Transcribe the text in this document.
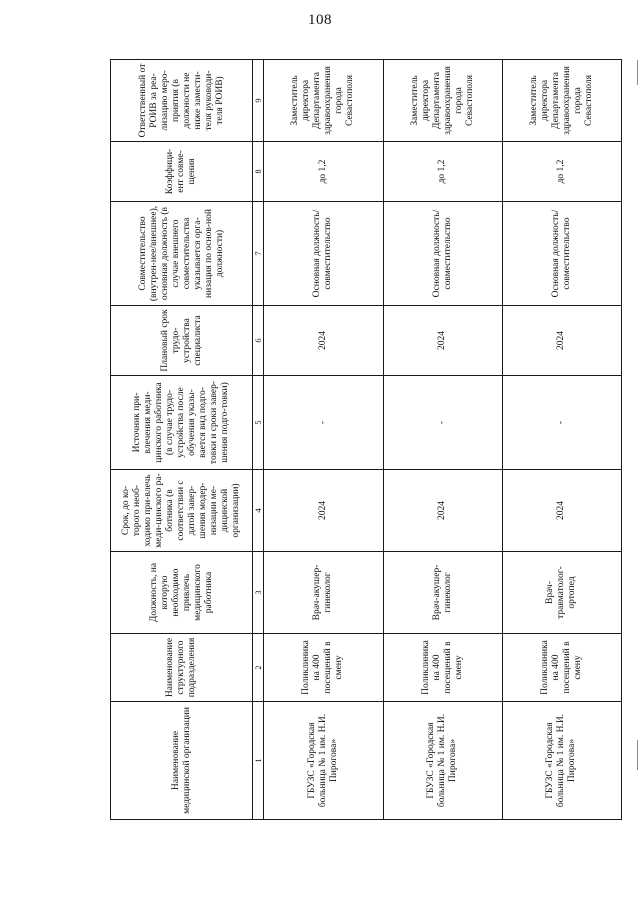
108
Наименование медицинской организации	Наименование структурного подразделения	Должность, на которую необходимо привлечь медицинского работника	Срок, до ко-торого необ-ходимо при-влечь меди-цинского ра-ботника (в соответствии с датой завер-шения модер-низации ме-дицинской организации)	Источник при-влечения меди-цинского работника (в случае трудо-устройства после обучения указы-вается вид подго-товки и сроки завер-шения подго-товки)	Плановый срок трудо-устройства специалиста	Совместительство (внутрен-нее/внешнее), основная должность (в случае внешнего совместительства указывается орга-низация по основ-ной должности)	Коэффици-ент совме-щения	Ответственный от РОИВ за реа-лизацию меро-приятия (в должности не ниже замести-теля руководи-теля РОИВ)
1	2	3	4	5	6	7	8	9
ГБУЗС «Городская больница № 1 им. Н.И. Пирогова»	Поликлиника на 400 посещений в смену	Врач-акушер-гинеколог	2024	-	2024	Основная должность/ совместительство	до 1,2	Заместитель директора Департамента здравоохранения города Севастополя
ГБУЗС «Городская больница № 1 им. Н.И. Пирогова»	Поликлиника на 400 посещений в смену	Врач-акушер-гинеколог	2024	-	2024	Основная должность/ совместительство	до 1,2	Заместитель директора Департамента здравоохранения города Севастополя
ГБУЗС «Городская больница № 1 им. Н.И. Пирогова»	Поликлиника на 400 посещений в смену	Врач-травматолог-ортопед	2024	-	2024	Основная должность/ совместительство	до 1,2	Заместитель директора Департамента здравоохранения города Севастополя
